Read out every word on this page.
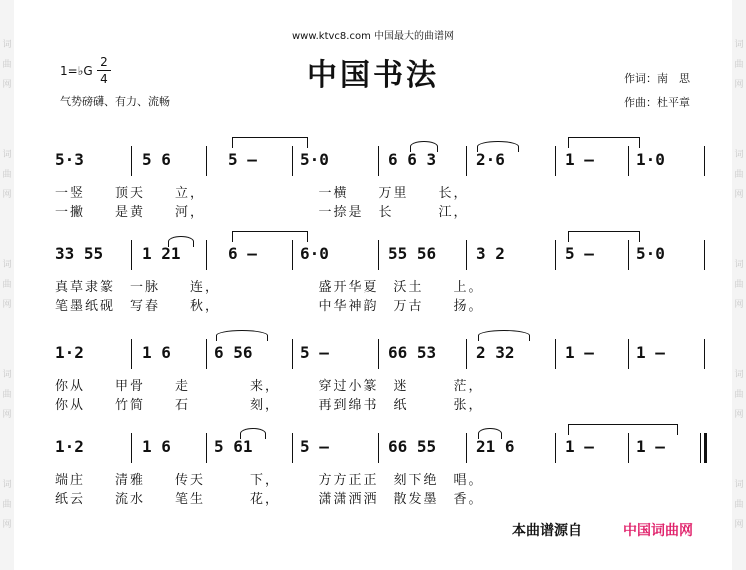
词
曲
网
词
曲
网
词
曲
网
词
曲
网
词
曲
网
词
曲
网
词
曲
网
词
曲
网
词
曲
网
词
曲
网
www.ktvc8.com 中国最大的曲谱网
中国书法
1=♭G
2
4
气势磅礴、有力、流畅
作词：南　思
作曲：杜平章
5·3	5 6	5 –	5·0	6 6 3 2·6	1 –	1·0
一竖　　顶天　　立，　　　　　　　　一横　　万里　　长，
一撇　　是黄　　河，　　　　　　　　一捺是　长　　　江，
33 55 1 21	6 –	6·0	55 56 3 2	5 –	5·0
真草隶篆　一脉　　连，　　　　　　　盛开华夏　沃土　　上。
笔墨纸砚　写春　　秋，　　　　　　　中华神韵　万古　　扬。
1·2	1 6	6 56	5 –	66 53 2 32	1 –	1 –
你从　　甲骨　　走　　　　来，　　　穿过小篆　迷　　　茫，
你从　　竹简　　石　　　　刻，　　　再到绵书　纸　　　张，
1·2	1 6	5 61	5 –	66 55 21 6	1 –	1 –
端庄　　清雅　　传天　　　下，　　　方方正正　刻下绝　唱。
纸云　　流水　　笔生　　　花，　　　潇潇洒洒　散发墨　香。
本曲谱源自	中国词曲网
